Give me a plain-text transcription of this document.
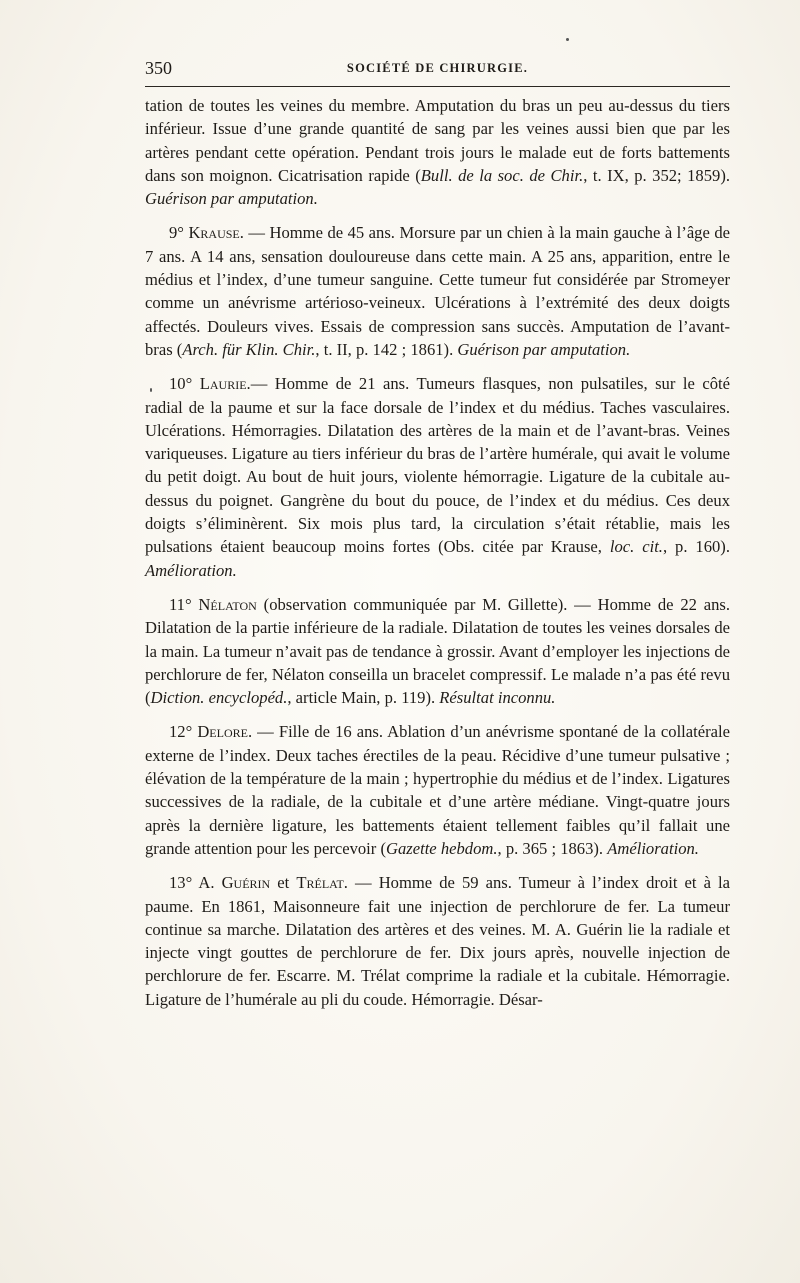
350	SOCIÉTÉ DE CHIRURGIE.

tation de toutes les veines du membre. Amputation du bras un peu au-dessus du tiers inférieur. Issue d’une grande quantité de sang par les veines aussi bien que par les artères pendant cette opération. Pendant trois jours le malade eut de forts battements dans son moignon. Cicatrisation rapide (Bull. de la soc. de Chir., t. IX, p. 352; 1859). Guérison par amputation.

9° Krause. — Homme de 45 ans. Morsure par un chien à la main gauche à l’âge de 7 ans. A 14 ans, sensation douloureuse dans cette main. A 25 ans, apparition, entre le médius et l’index, d’une tumeur sanguine. Cette tumeur fut considérée par Stromeyer comme un anévrisme artérioso-veineux. Ulcérations à l’extrémité des deux doigts affectés. Douleurs vives. Essais de compression sans succès. Amputation de l’avant-bras (Arch. für Klin. Chir., t. II, p. 142 ; 1861). Guérison par amputation.

10° Laurie.— Homme de 21 ans. Tumeurs flasques, non pulsatiles, sur le côté radial de la paume et sur la face dorsale de l’index et du médius. Taches vasculaires. Ulcérations. Hémorragies. Dilatation des artères de la main et de l’avant-bras. Veines variqueuses. Ligature au tiers inférieur du bras de l’artère humérale, qui avait le volume du petit doigt. Au bout de huit jours, violente hémorragie. Ligature de la cubitale au-dessus du poignet. Gangrène du bout du pouce, de l’index et du médius. Ces deux doigts s’éliminèrent. Six mois plus tard, la circulation s’était rétablie, mais les pulsations étaient beaucoup moins fortes (Obs. citée par Krause, loc. cit., p. 160). Amélioration.

11° Nélaton (observation communiquée par M. Gillette). — Homme de 22 ans. Dilatation de la partie inférieure de la radiale. Dilatation de toutes les veines dorsales de la main. La tumeur n’avait pas de tendance à grossir. Avant d’employer les injections de perchlorure de fer, Nélaton conseilla un bracelet compressif. Le malade n’a pas été revu (Diction. encyclopéd., article Main, p. 119). Résultat inconnu.

12° Delore. — Fille de 16 ans. Ablation d’un anévrisme spontané de la collatérale externe de l’index. Deux taches érectiles de la peau. Récidive d’une tumeur pulsative ; élévation de la température de la main ; hypertrophie du médius et de l’index. Ligatures successives de la radiale, de la cubitale et d’une artère médiane. Vingt-quatre jours après la dernière ligature, les battements étaient tellement faibles qu’il fallait une grande attention pour les percevoir (Gazette hebdom., p. 365 ; 1863). Amélioration.

13° A. Guérin et Trélat. — Homme de 59 ans. Tumeur à l’index droit et à la paume. En 1861, Maisonneure fait une injection de perchlorure de fer. La tumeur continue sa marche. Dilatation des artères et des veines. M. A. Guérin lie la radiale et injecte vingt gouttes de perchlorure de fer. Dix jours après, nouvelle injection de perchlorure de fer. Escarre. M. Trélat comprime la radiale et la cubitale. Hémorragie. Ligature de l’humérale au pli du coude. Hémorragie. Désar-
